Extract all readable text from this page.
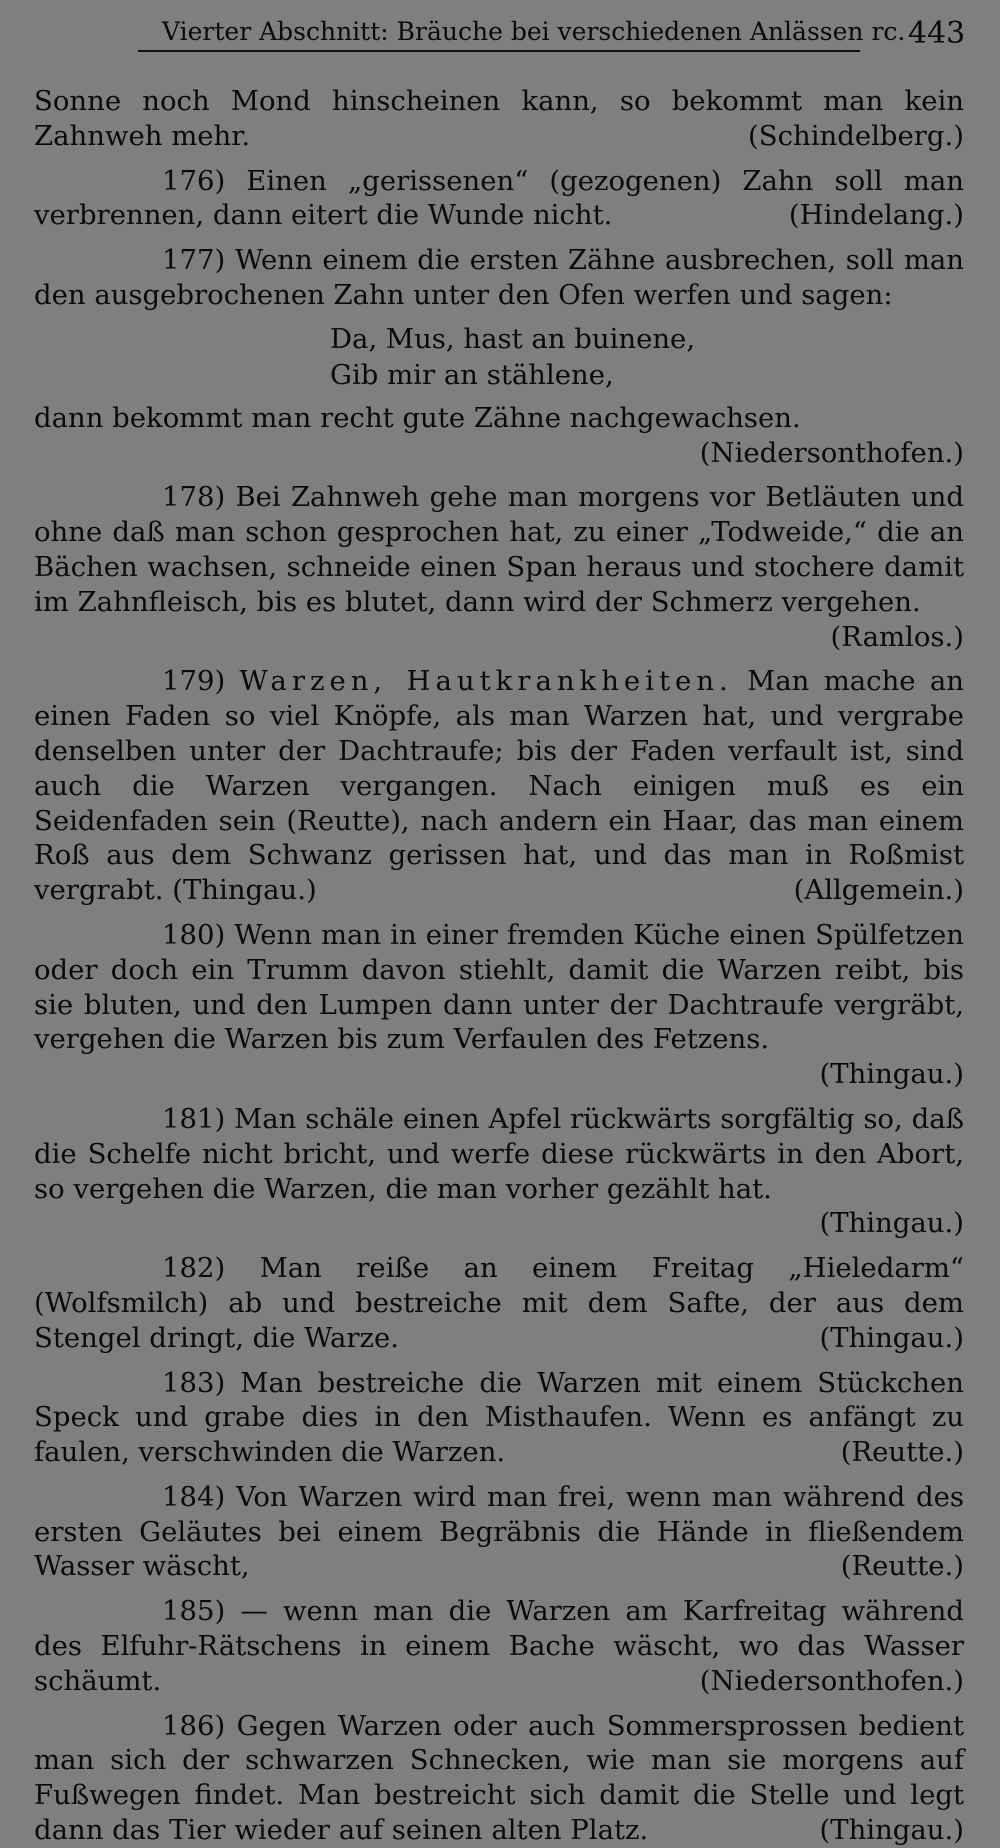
Vierter Abschnitt: Bräuche bei verschiedenen Anlässen rc. 443

Sonne noch Mond hinscheinen kann, so bekommt man kein Zahnweh mehr.	(Schindelberg.)

176) Einen „gerissenen“ (gezogenen) Zahn soll man verbrennen, dann eitert die Wunde nicht.	(Hindelang.)

177) Wenn einem die ersten Zähne ausbrechen, soll man den ausgebrochenen Zahn unter den Ofen werfen und sagen:

Da, Mus, hast an buinene,
Gib mir an stählene,

dann bekommt man recht gute Zähne nachgewachsen.
(Niedersonthofen.)

178) Bei Zahnweh gehe man morgens vor Betläuten und ohne daß man schon gesprochen hat, zu einer „Todweide,“ die an Bächen wachsen, schneide einen Span heraus und stochere damit im Zahnfleisch, bis es blutet, dann wird der Schmerz vergehen.
(Ramlos.)

179) Warzen, Hautkrankheiten. Man mache an einen Faden so viel Knöpfe, als man Warzen hat, und vergrabe denselben unter der Dachtraufe; bis der Faden verfault ist, sind auch die Warzen vergangen. Nach einigen muß es ein Seidenfaden sein (Reutte), nach andern ein Haar, das man einem Roß aus dem Schwanz gerissen hat, und das man in Roßmist vergrabt. (Thingau.)	(Allgemein.)

180) Wenn man in einer fremden Küche einen Spülfetzen oder doch ein Trumm davon stiehlt, damit die Warzen reibt, bis sie bluten, und den Lumpen dann unter der Dachtraufe vergräbt, vergehen die Warzen bis zum Verfaulen des Fetzens.
(Thingau.)

181) Man schäle einen Apfel rückwärts sorgfältig so, daß die Schelfe nicht bricht, und werfe diese rückwärts in den Abort, so vergehen die Warzen, die man vorher gezählt hat.
(Thingau.)

182) Man reiße an einem Freitag „Hieledarm“ (Wolfsmilch) ab und bestreiche mit dem Safte, der aus dem Stengel dringt, die Warze.	(Thingau.)

183) Man bestreiche die Warzen mit einem Stückchen Speck und grabe dies in den Misthaufen. Wenn es anfängt zu faulen, verschwinden die Warzen.	(Reutte.)

184) Von Warzen wird man frei, wenn man während des ersten Geläutes bei einem Begräbnis die Hände in fließendem Wasser wäscht,	(Reutte.)

185) — wenn man die Warzen am Karfreitag während des Elfuhr-Rätschens in einem Bache wäscht, wo das Wasser schäumt.	(Niedersonthofen.)

186) Gegen Warzen oder auch Sommersprossen bedient man sich der schwarzen Schnecken, wie man sie morgens auf Fußwegen findet. Man bestreicht sich damit die Stelle und legt dann das Tier wieder auf seinen alten Platz.	(Thingau.)
